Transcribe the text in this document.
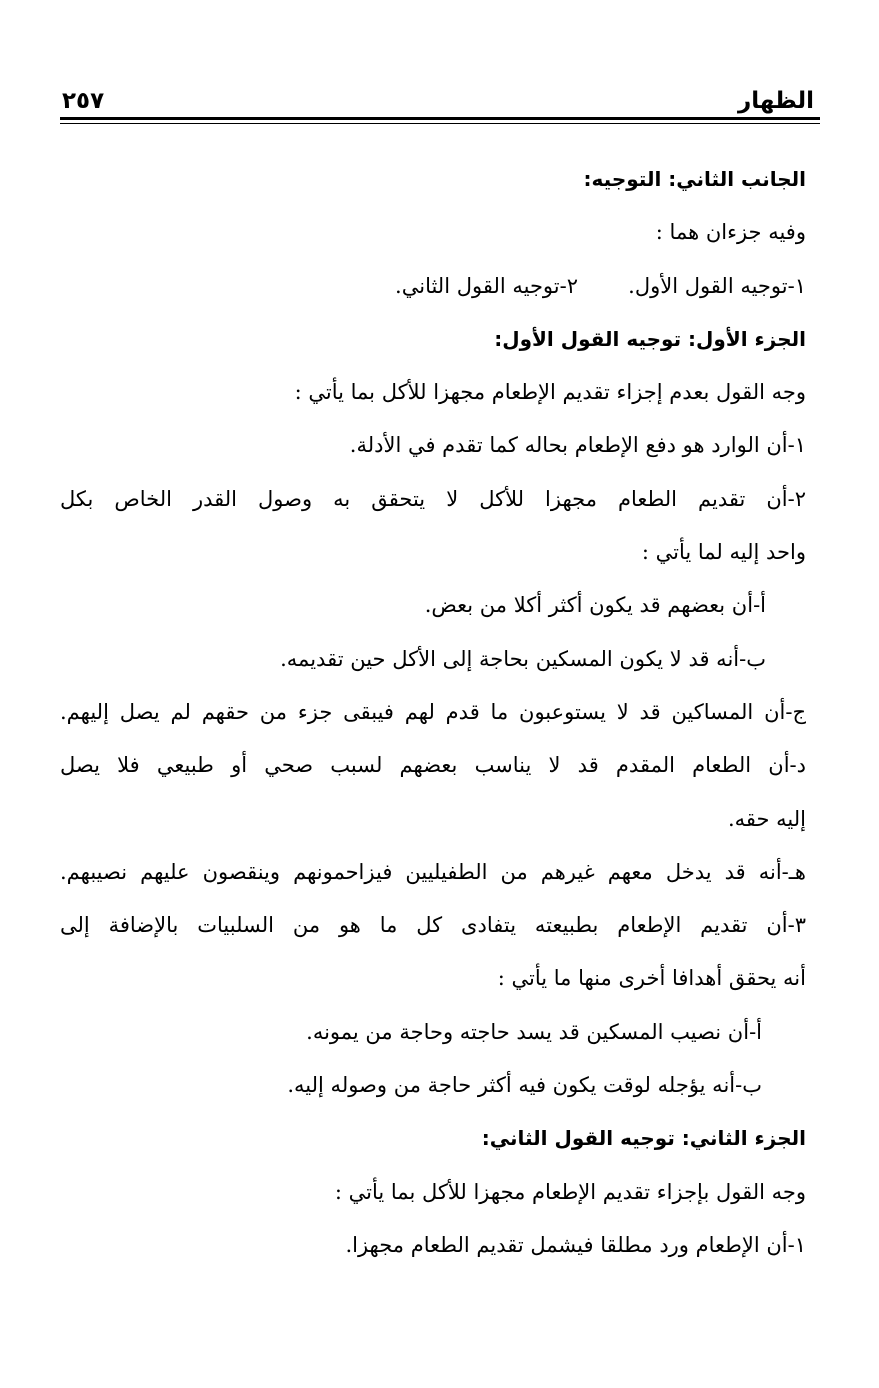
الظهار
٢٥٧
الجانب الثاني: التوجيه:
وفيه جزءان هما :
١-توجيه القول الأول.٢-توجيه القول الثاني.
الجزء الأول: توجيه القول الأول:
وجه القول بعدم إجزاء تقديم الإطعام مجهزا للأكل بما يأتي :
١-أن الوارد هو دفع الإطعام بحاله كما تقدم في الأدلة.
٢-أن تقديم الطعام مجهزا للأكل لا يتحقق به وصول القدر الخاص بكل
واحد إليه لما يأتي :
أ-أن بعضهم قد يكون أكثر أكلا من بعض.
ب-أنه قد لا يكون المسكين بحاجة إلى الأكل حين تقديمه.
ج-أن المساكين قد لا يستوعبون ما قدم لهم فيبقى جزء من حقهم لم يصل إليهم.
د-أن الطعام المقدم قد لا يناسب بعضهم لسبب صحي أو طبيعي فلا يصل
إليه حقه.
هـ-أنه قد يدخل معهم غيرهم من الطفيليين فيزاحمونهم وينقصون عليهم نصيبهم.
٣-أن تقديم الإطعام بطبيعته يتفادى كل ما هو من السلبيات بالإضافة إلى
أنه يحقق أهدافا أخرى منها ما يأتي :
أ-أن نصيب المسكين قد يسد حاجته وحاجة من يمونه.
ب-أنه يؤجله لوقت يكون فيه أكثر حاجة من وصوله إليه.
الجزء الثاني: توجيه القول الثاني:
وجه القول بإجزاء تقديم الإطعام مجهزا للأكل بما يأتي :
١-أن الإطعام ورد مطلقا فيشمل تقديم الطعام مجهزا.
